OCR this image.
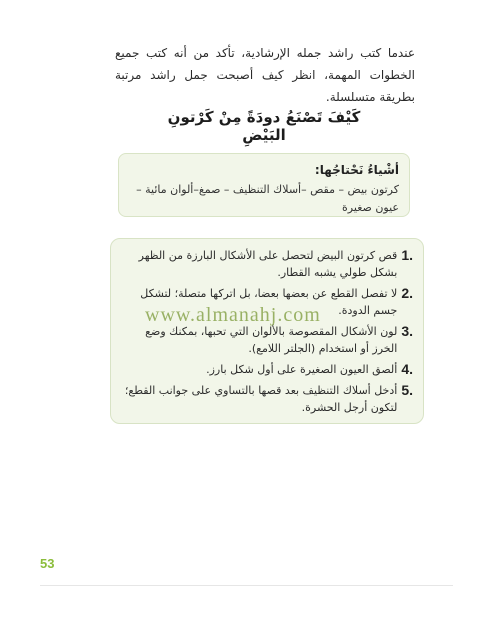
عندما كتب راشد جمله الإرشادية، تأكد من أنه كتب جميع الخطوات المهمة، انظر كيف أصبحت جمل راشد مرتبة بطريقة متسلسلة.

كَيْفَ تَصْنَعُ دودَةً مِنْ كَرْتونِ البَيْضِ

أشْياءُ نَحْتاجُها:

كرتون بيض – مقص –أسلاك التنظيف – صمغ–ألوان مائية –عيون صغيرة

1.
قص كرتون البيض لتحصل على الأشكال البارزة من الظهر بشكل طولي يشبه القطار.
2.
لا تفصل القطع عن بعضها بعضا، بل اتركها متصلة؛ لتشكل جسم الدودة.
3.
لون الأشكال المقصوصة بالألوان التي تحبها، بمكنك وضع الخرز أو استخدام (الجلتر اللامع).
4.
ألصق العيون الصغيرة على أول شكل بارز.
5.
أدخل أسلاك التنظيف بعد قصها بالتساوي على جوانب القطع؛ لتكون أرجل الحشرة.
www.almanahj.com

53
